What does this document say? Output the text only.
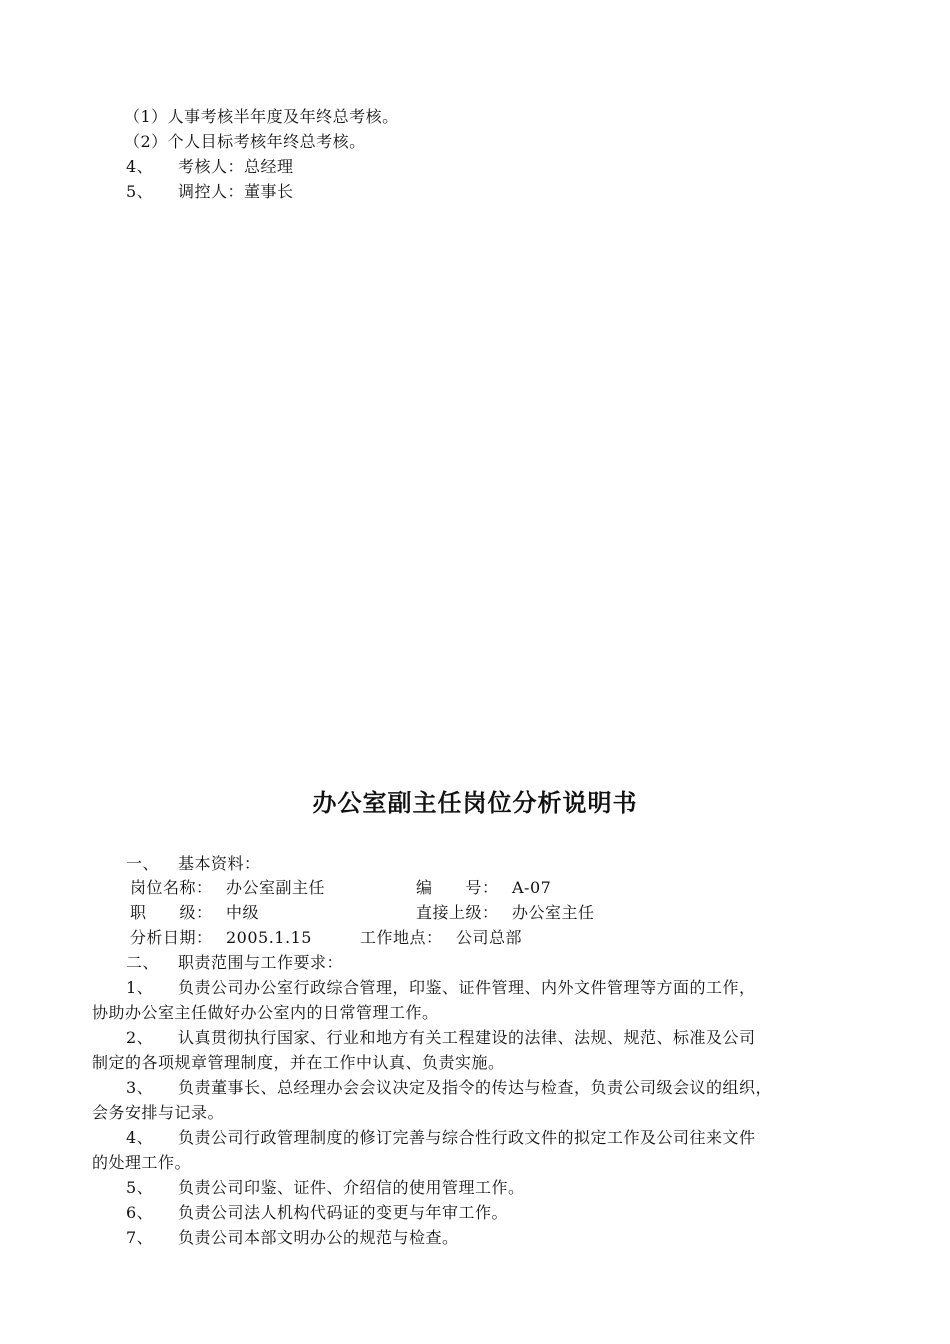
（1）人事考核半年度及年终总考核。

（2）个人目标考核年终总考核。

4、 考核人：总经理
5、 调控人：董事长
办公室副主任岗位分析说明书
一、 基本资料：
岗位名称： 办公室副主任	编　　号： A-07
职　　级： 中级	直接上级： 办公室主任
分析日期： 2005.1.15	工作地点： 公司总部
二、 职责范围与工作要求：
1、 负责公司办公室行政综合管理，印鉴、证件管理、内外文件管理等方面的工作，
协助办公室主任做好办公室内的日常管理工作。
2、 认真贯彻执行国家、行业和地方有关工程建设的法律、法规、规范、标准及公司
制定的各项规章管理制度，并在工作中认真、负责实施。
3、 负责董事长、总经理办会会议决定及指令的传达与检查，负责公司级会议的组织，
会务安排与记录。
4、 负责公司行政管理制度的修订完善与综合性行政文件的拟定工作及公司往来文件
的处理工作。
5、 负责公司印鉴、证件、介绍信的使用管理工作。
6、 负责公司法人机构代码证的变更与年审工作。
7、 负责公司本部文明办公的规范与检查。
